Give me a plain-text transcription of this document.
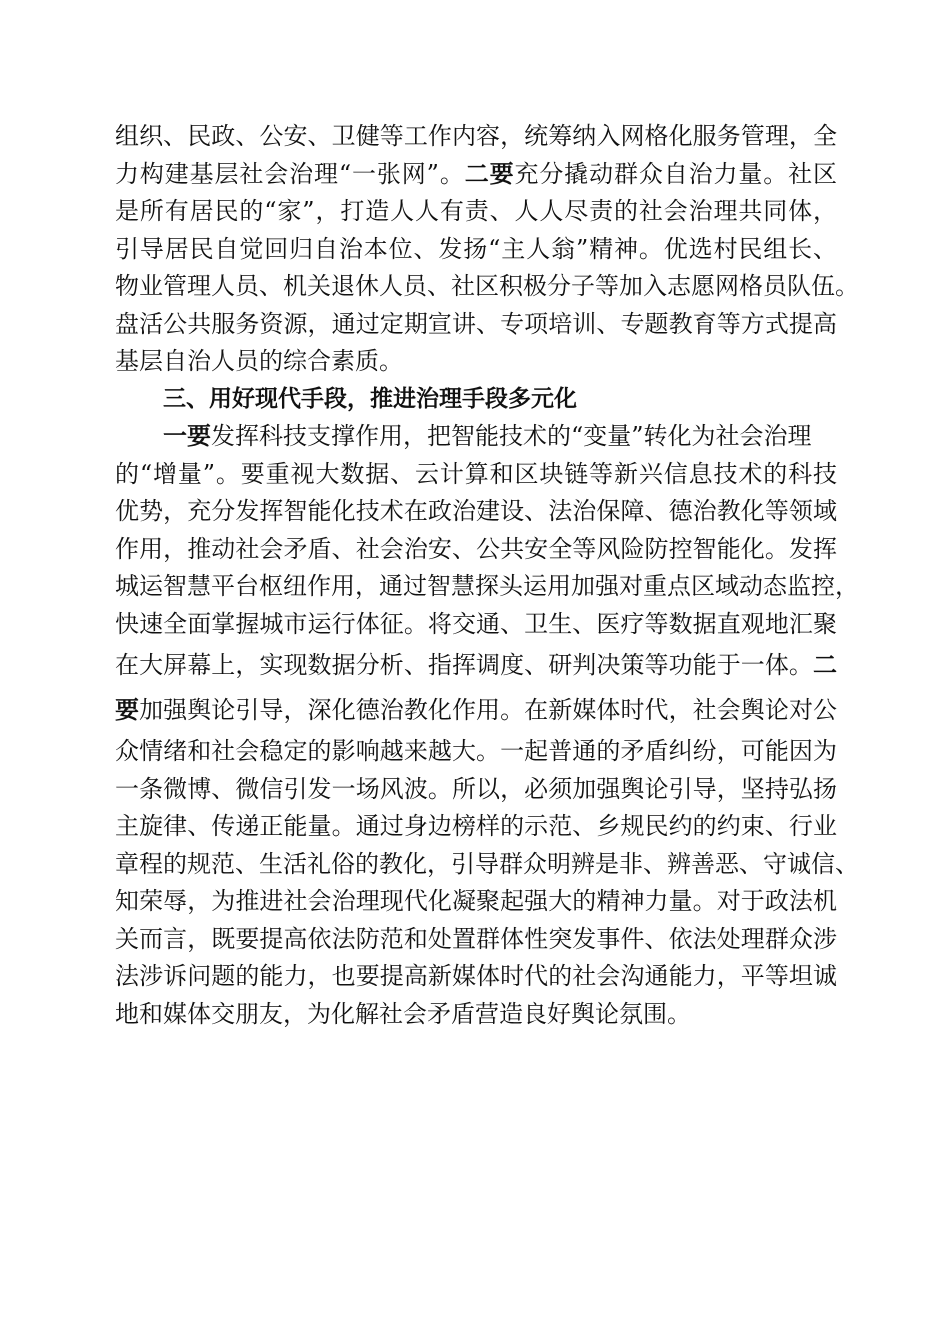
组织、民政、公安、卫健等工作内容，统筹纳入网格化服务管理，全
力构建基层社会治理“一张网”。二要充分撬动群众自治力量。社区
是所有居民的“家”，打造人人有责、人人尽责的社会治理共同体，
引导居民自觉回归自治本位、发扬“主人翁”精神。优选村民组长、
物业管理人员、机关退休人员、社区积极分子等加入志愿网格员队伍。
盘活公共服务资源，通过定期宣讲、专项培训、专题教育等方式提高
基层自治人员的综合素质。
三、用好现代手段，推进治理手段多元化
一要发挥科技支撑作用，把智能技术的“变量”转化为社会治理
的“增量”。要重视大数据、云计算和区块链等新兴信息技术的科技
优势，充分发挥智能化技术在政治建设、法治保障、德治教化等领域
作用，推动社会矛盾、社会治安、公共安全等风险防控智能化。发挥
城运智慧平台枢纽作用，通过智慧探头运用加强对重点区域动态监控，
快速全面掌握城市运行体征。将交通、卫生、医疗等数据直观地汇聚
在大屏幕上，实现数据分析、指挥调度、研判决策等功能于一体。二
要加强舆论引导，深化德治教化作用。在新媒体时代，社会舆论对公
众情绪和社会稳定的影响越来越大。一起普通的矛盾纠纷，可能因为
一条微博、微信引发一场风波。所以，必须加强舆论引导，坚持弘扬
主旋律、传递正能量。通过身边榜样的示范、乡规民约的约束、行业
章程的规范、生活礼俗的教化，引导群众明辨是非、辨善恶、守诚信、
知荣辱，为推进社会治理现代化凝聚起强大的精神力量。对于政法机
关而言，既要提高依法防范和处置群体性突发事件、依法处理群众涉
法涉诉问题的能力，也要提高新媒体时代的社会沟通能力，平等坦诚
地和媒体交朋友，为化解社会矛盾营造良好舆论氛围。
